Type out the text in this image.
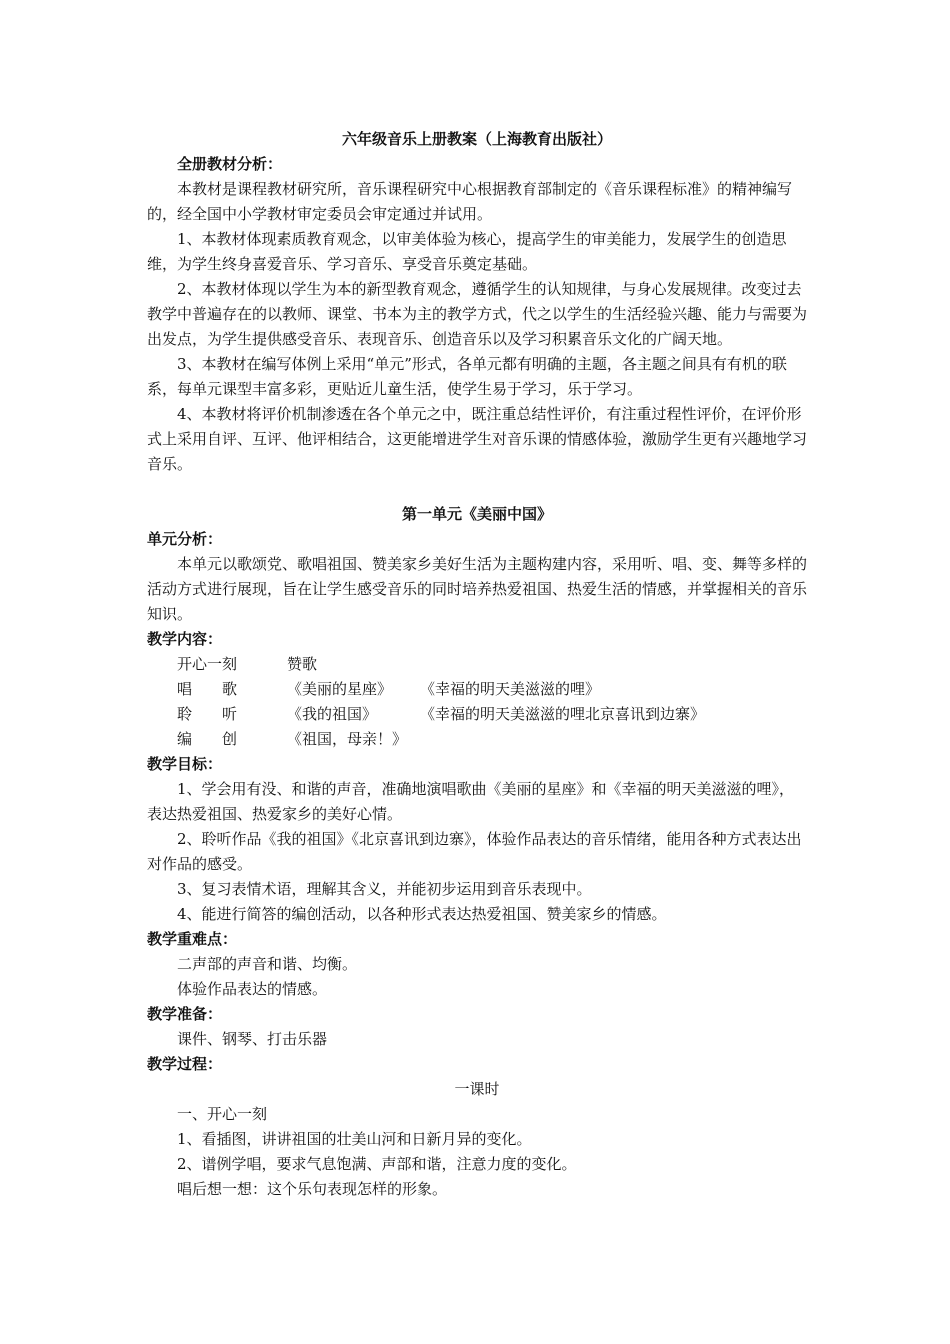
六年级音乐上册教案（上海教育出版社）

全册教材分析：

本教材是课程教材研究所，音乐课程研究中心根据教育部制定的《音乐课程标准》的精神编写的，经全国中小学教材审定委员会审定通过并试用。

1、本教材体现素质教育观念，以审美体验为核心，提高学生的审美能力，发展学生的创造思维，为学生终身喜爱音乐、学习音乐、享受音乐奠定基础。

2、本教材体现以学生为本的新型教育观念，遵循学生的认知规律，与身心发展规律。改变过去教学中普遍存在的以教师、课堂、书本为主的教学方式，代之以学生的生活经验兴趣、能力与需要为出发点，为学生提供感受音乐、表现音乐、创造音乐以及学习积累音乐文化的广阔天地。

3、本教材在编写体例上采用“单元”形式，各单元都有明确的主题，各主题之间具有有机的联系，每单元课型丰富多彩，更贴近儿童生活，使学生易于学习，乐于学习。

4、本教材将评价机制渗透在各个单元之中，既注重总结性评价，有注重过程性评价，在评价形式上采用自评、互评、他评相结合，这更能增进学生对音乐课的情感体验，激励学生更有兴趣地学习音乐。

第一单元《美丽中国》

单元分析：

本单元以歌颂党、歌唱祖国、赞美家乡美好生活为主题构建内容，采用听、唱、变、舞等多样的活动方式进行展现，旨在让学生感受音乐的同时培养热爱祖国、热爱生活的情感，并掌握相关的音乐知识。

教学内容：

开心一刻	赞歌
唱　　歌	《美丽的星座》 《幸福的明天美滋滋的哩》
聆　　听	《我的祖国》	《幸福的明天美滋滋的哩北京喜讯到边寨》
编　　创	《祖国，母亲！》

教学目标：

1、学会用有没、和谐的声音，准确地演唱歌曲《美丽的星座》和《幸福的明天美滋滋的哩》，表达热爱祖国、热爱家乡的美好心情。

2、聆听作品《我的祖国》《北京喜讯到边寨》，体验作品表达的音乐情绪，能用各种方式表达出对作品的感受。

3、复习表情术语，理解其含义，并能初步运用到音乐表现中。

4、能进行简答的编创活动，以各种形式表达热爱祖国、赞美家乡的情感。

教学重难点：

二声部的声音和谐、均衡。

体验作品表达的情感。

教学准备：

课件、钢琴、打击乐器

教学过程：

一课时

一、开心一刻

1、看插图，讲讲祖国的壮美山河和日新月异的变化。

2、谱例学唱，要求气息饱满、声部和谐，注意力度的变化。

唱后想一想：这个乐句表现怎样的形象。
